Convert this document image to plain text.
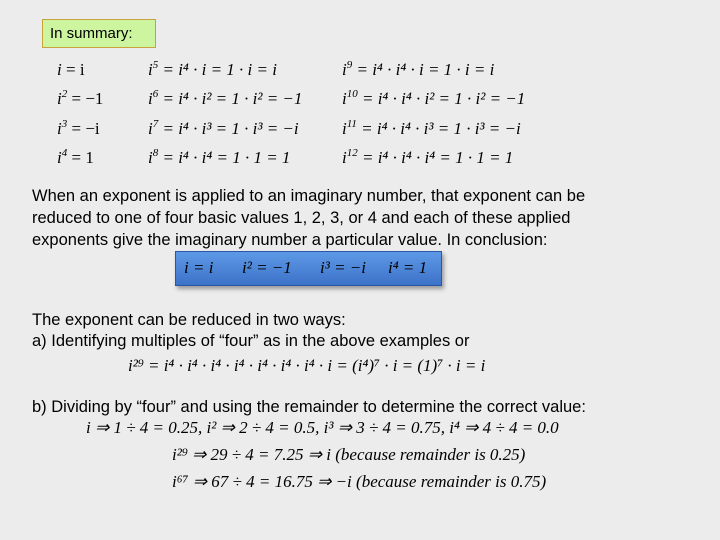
In summary:
i = i
$i^2 = -1$
$i^3 = -i$
$i^4 = 1$
$i^5 = i^4 \cdot i = 1 \cdot i = i$
$i^6 = i^4 \cdot i^2 = 1 \cdot i^2 = -1$
$i^7 = i^4 \cdot i^3 = 1 \cdot i^3 = -i$
$i^8 = i^4 \cdot i^4 = 1 \cdot 1 = 1$
$i^9 = i^4 \cdot i^4 \cdot i = 1 \cdot i = i$
$i^{10} = i^4 \cdot i^4 \cdot i^2 = 1 \cdot i^2 = -1$
$i^{11} = i^4 \cdot i^4 \cdot i^3 = 1 \cdot i^3 = -i$
$i^{12} = i^4 \cdot i^4 \cdot i^4 = 1 \cdot 1 = 1$
When an exponent is applied to an imaginary number, that exponent can be
reduced to one of four basic values 1, 2, 3, or 4 and each of these applied
exponents give the imaginary number a particular value. In conclusion:
i = i i² = −1 i³ = −i i⁴ = 1
The exponent can be reduced in two ways:
a) Identifying multiples of “four” as in the above examples or
i²⁹ = i⁴ · i⁴ · i⁴ · i⁴ · i⁴ · i⁴ · i⁴ · i = (i⁴)⁷ · i = (1)⁷ · i = i
b) Dividing by “four” and using the remainder to determine the correct value:
i ⇒ 1 ÷ 4 = 0.25, i² ⇒ 2 ÷ 4 = 0.5, i³ ⇒ 3 ÷ 4 = 0.75, i⁴ ⇒ 4 ÷ 4 = 0.0
i²⁹ ⇒ 29 ÷ 4 = 7.25 ⇒ i (because remainder is 0.25)
i⁶⁷ ⇒ 67 ÷ 4 = 16.75 ⇒ −i (because remainder is 0.75)
